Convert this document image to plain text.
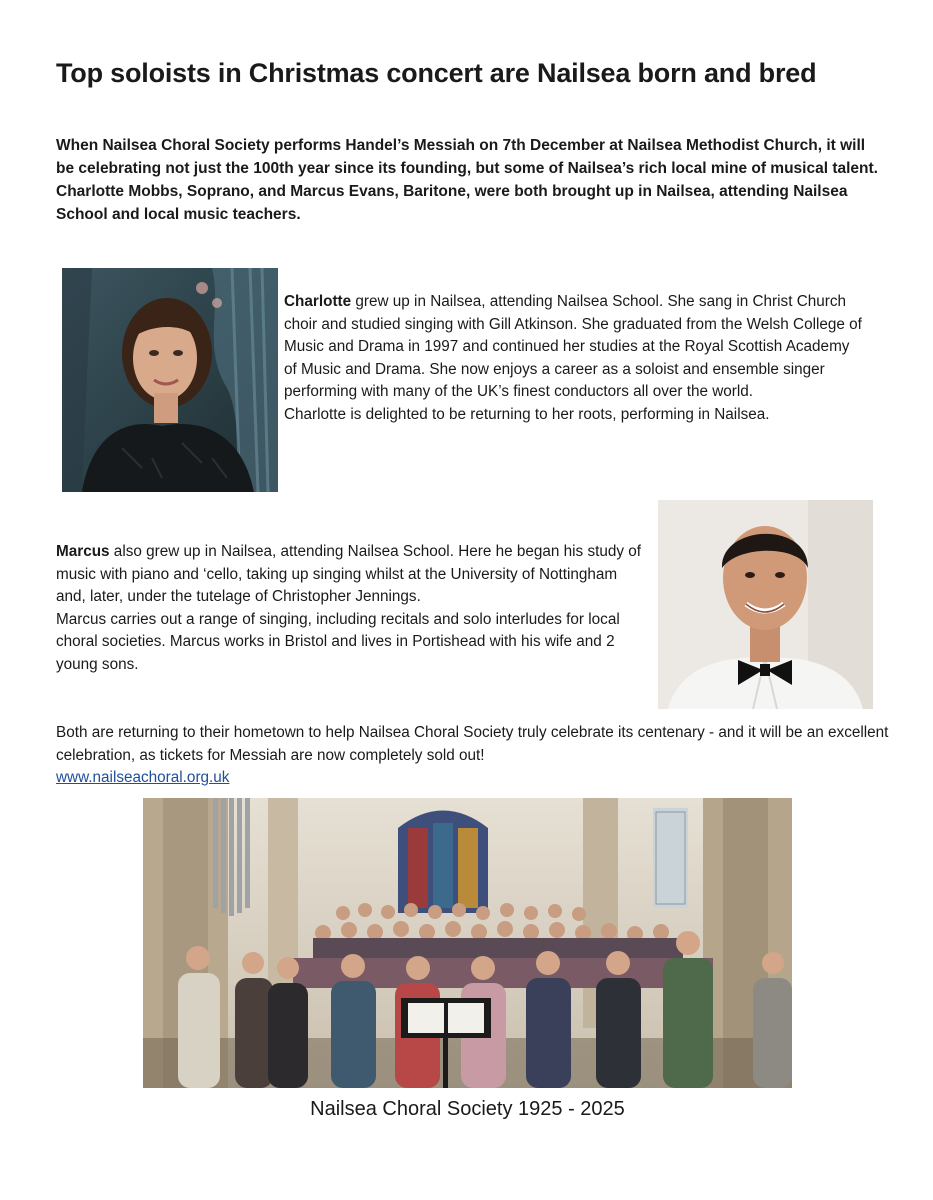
Top soloists in Christmas concert are Nailsea born and bred

When Nailsea Choral Society performs Handel’s Messiah on 7th December at Nailsea Methodist Church, it will be celebrating not just the 100th year since its founding, but some of Nailsea’s rich local mine of musical talent.

Charlotte Mobbs, Soprano, and Marcus Evans, Baritone, were both brought up in Nailsea, attending Nailsea School and local music teachers.

Charlotte grew up in Nailsea, attending Nailsea School. She sang in Christ Church choir and studied singing with Gill Atkinson. She graduated from the Welsh College of Music and Drama in 1997 and continued her studies at the Royal Scottish Academy of Music and Drama. She now enjoys a career as a soloist and ensemble singer performing with many of the UK’s finest conductors all over the world.

Charlotte is delighted to be returning to her roots, performing in Nailsea.

Marcus also grew up in Nailsea, attending Nailsea School. Here he began his study of music with piano and ‘cello, taking up singing whilst at the University of Nottingham and, later, under the tutelage of Christopher Jennings.

Marcus carries out a range of singing, including recitals and solo interludes for local choral societies. Marcus works in Bristol and lives in Portishead with his wife and 2 young sons.

Both are returning to their hometown to help Nailsea Choral Society truly celebrate its centenary - and it will be an excellent celebration, as tickets for Messiah are now completely sold out!

www.nailseachoral.org.uk

Nailsea Choral Society 1925 - 2025
